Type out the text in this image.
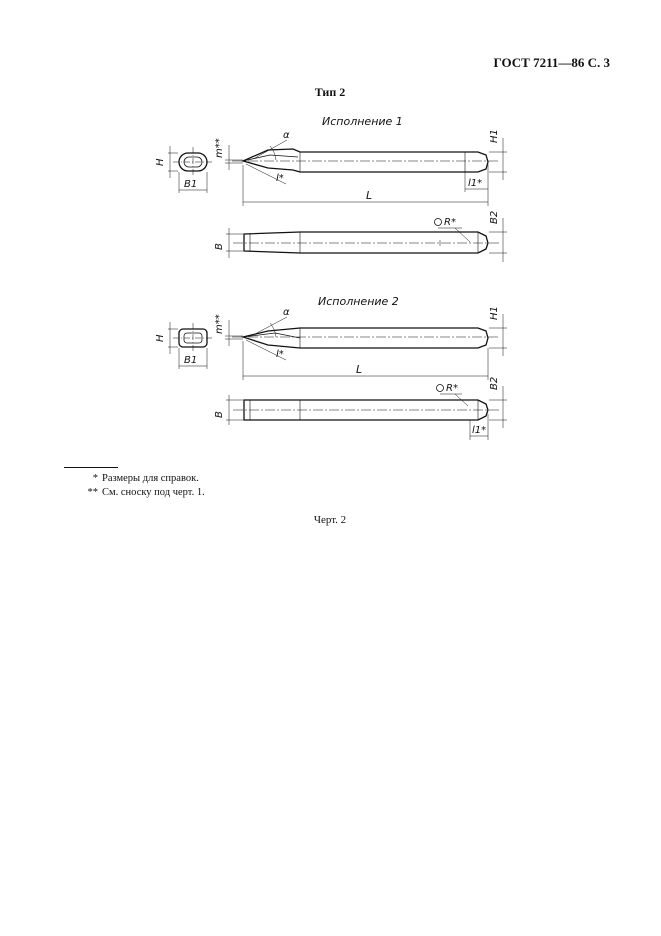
ГОСТ 7211—86 С. 3
Тип 2
Исполнение 1
H
B1
m**
α
l*
L
H1
l1*
B
R*	B2
Исполнение 2
H
B1
m**
α
l*
L
H1
B
R*	B2
l1*
* Размеры для справок.
** См. сноску под черт. 1.
Черт. 2
